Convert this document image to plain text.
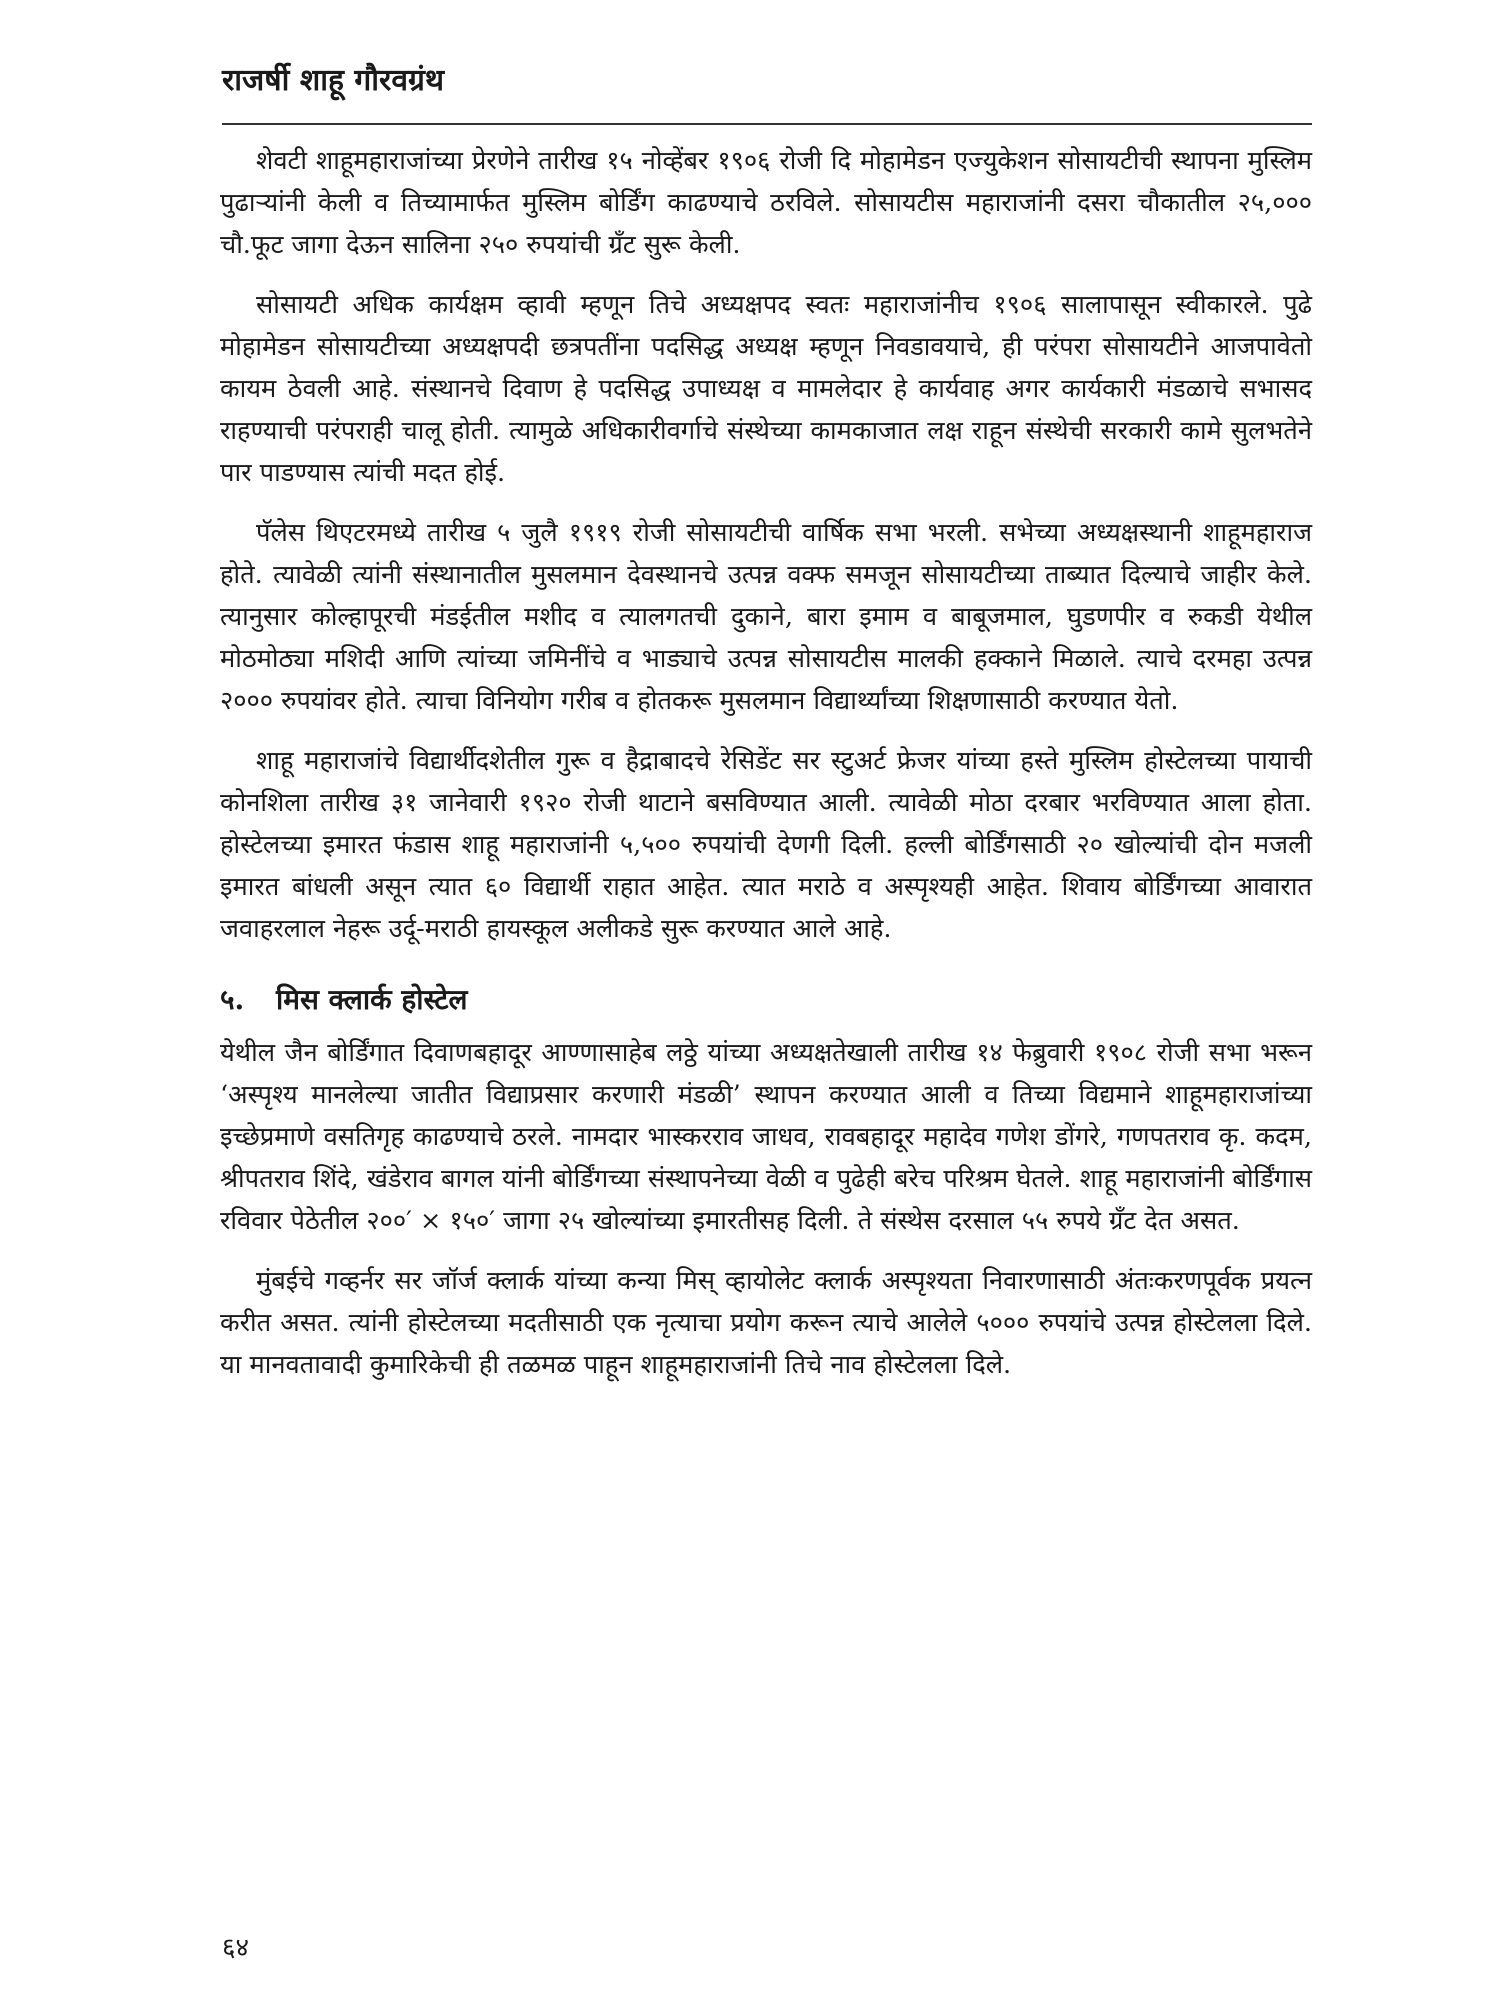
राजर्षी शाहू गौरवग्रंथ

शेवटी शाहूमहाराजांच्या प्रेरणेने तारीख १५ नोव्हेंबर १९०६ रोजी दि मोहामेडन एज्युकेशन सोसायटीची स्थापना मुस्लिम पुढाऱ्यांनी केली व तिच्यामार्फत मुस्लिम बोर्डिंग काढण्याचे ठरविले. सोसायटीस महाराजांनी दसरा चौकातील २५,००० चौ.फूट जागा देऊन सालिना २५० रुपयांची ग्रँट सुरू केली.

सोसायटी अधिक कार्यक्षम व्हावी म्हणून तिचे अध्यक्षपद स्वतः महाराजांनीच १९०६ सालापासून स्वीकारले. पुढे मोहामेडन सोसायटीच्या अध्यक्षपदी छत्रपतींना पदसिद्ध अध्यक्ष म्हणून निवडावयाचे, ही परंपरा सोसायटीने आजपावेतो कायम ठेवली आहे. संस्थानचे दिवाण हे पदसिद्ध उपाध्यक्ष व मामलेदार हे कार्यवाह अगर कार्यकारी मंडळाचे सभासद राहण्याची परंपराही चालू होती. त्यामुळे अधिकारीवर्गाचे संस्थेच्या कामकाजात लक्ष राहून संस्थेची सरकारी कामे सुलभतेने पार पाडण्यास त्यांची मदत होई.

पॅलेस थिएटरमध्ये तारीख ५ जुलै १९१९ रोजी सोसायटीची वार्षिक सभा भरली. सभेच्या अध्यक्षस्थानी शाहूमहाराज होते. त्यावेळी त्यांनी संस्थानातील मुसलमान देवस्थानचे उत्पन्न वक्फ समजून सोसायटीच्या ताब्यात दिल्याचे जाहीर केले. त्यानुसार कोल्हापूरची मंडईतील मशीद व त्यालगतची दुकाने, बारा इमाम व बाबूजमाल, घुडणपीर व रुकडी येथील मोठमोठ्या मशिदी आणि त्यांच्या जमिनींचे व भाड्याचे उत्पन्न सोसायटीस मालकी हक्काने मिळाले. त्याचे दरमहा उत्पन्न २००० रुपयांवर होते. त्याचा विनियोग गरीब व होतकरू मुसलमान विद्यार्थ्यांच्या शिक्षणासाठी करण्यात येतो.

शाहू महाराजांचे विद्यार्थीदशेतील गुरू व हैद्राबादचे रेसिडेंट सर स्टुअर्ट फ्रेजर यांच्या हस्ते मुस्लिम होस्टेलच्या पायाची कोनशिला तारीख ३१ जानेवारी १९२० रोजी थाटाने बसविण्यात आली. त्यावेळी मोठा दरबार भरविण्यात आला होता. होस्टेलच्या इमारत फंडास शाहू महाराजांनी ५,५०० रुपयांची देणगी दिली. हल्ली बोर्डिंगसाठी २० खोल्यांची दोन मजली इमारत बांधली असून त्यात ६० विद्यार्थी राहात आहेत. त्यात मराठे व अस्पृश्यही आहेत. शिवाय बोर्डिंगच्या आवारात जवाहरलाल नेहरू उर्दू-मराठी हायस्कूल अलीकडे सुरू करण्यात आले आहे.

५. मिस क्लार्क होस्टेल

येथील जैन बोर्डिंगात दिवाणबहादूर आण्णासाहेब लठ्ठे यांच्या अध्यक्षतेखाली तारीख १४ फेब्रुवारी १९०८ रोजी सभा भरून ‘अस्पृश्य मानलेल्या जातीत विद्याप्रसार करणारी मंडळी’ स्थापन करण्यात आली व तिच्या विद्यमाने शाहूमहाराजांच्या इच्छेप्रमाणे वसतिगृह काढण्याचे ठरले. नामदार भास्करराव जाधव, रावबहादूर महादेव गणेश डोंगरे, गणपतराव कृ. कदम, श्रीपतराव शिंदे, खंडेराव बागल यांनी बोर्डिंगच्या संस्थापनेच्या वेळी व पुढेही बरेच परिश्रम घेतले. शाहू महाराजांनी बोर्डिंगास रविवार पेठेतील २००′ × १५०′ जागा २५ खोल्यांच्या इमारतीसह दिली. ते संस्थेस दरसाल ५५ रुपये ग्रँट देत असत.

मुंबईचे गव्हर्नर सर जॉर्ज क्लार्क यांच्या कन्या मिस् व्हायोलेट क्लार्क अस्पृश्यता निवारणासाठी अंतःकरणपूर्वक प्रयत्न करीत असत. त्यांनी होस्टेलच्या मदतीसाठी एक नृत्याचा प्रयोग करून त्याचे आलेले ५००० रुपयांचे उत्पन्न होस्टेलला दिले. या मानवतावादी कुमारिकेची ही तळमळ पाहून शाहूमहाराजांनी तिचे नाव होस्टेलला दिले.

६४
